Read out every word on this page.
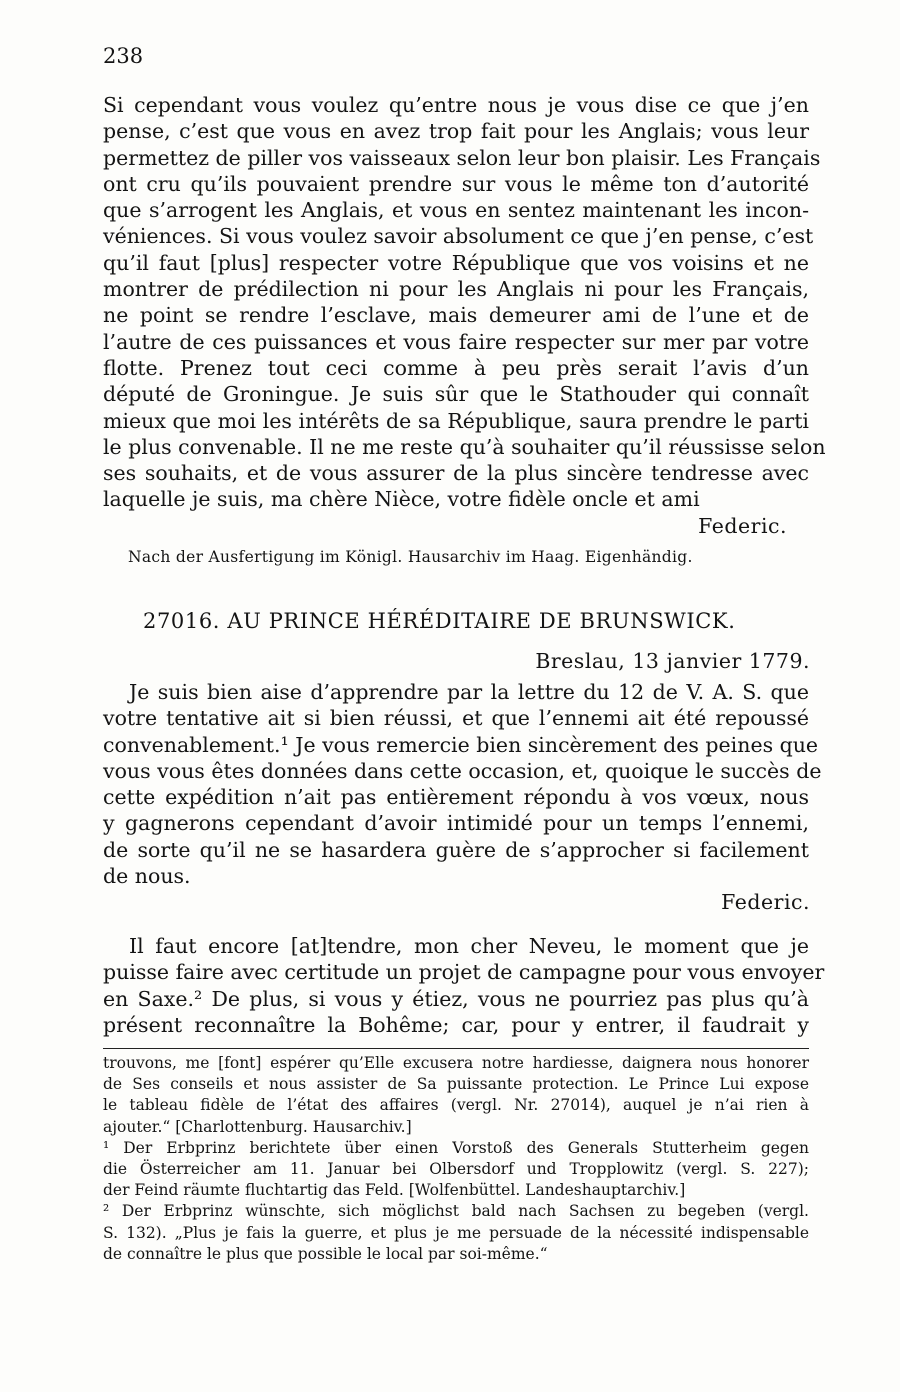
238
Si cependant vous voulez qu’entre nous je vous dise ce que j’en
pense, c’est que vous en avez trop fait pour les Anglais; vous leur
permettez de piller vos vaisseaux selon leur bon plaisir. Les Français
ont cru qu’ils pouvaient prendre sur vous le même ton d’autorité
que s’arrogent les Anglais, et vous en sentez maintenant les incon-
véniences. Si vous voulez savoir absolument ce que j’en pense, c’est
qu’il faut [plus] respecter votre République que vos voisins et ne
montrer de prédilection ni pour les Anglais ni pour les Français,
ne point se rendre l’esclave, mais demeurer ami de l’une et de
l’autre de ces puissances et vous faire respecter sur mer par votre
flotte. Prenez tout ceci comme à peu près serait l’avis d’un
député de Groningue. Je suis sûr que le Stathouder qui connaît
mieux que moi les intérêts de sa République, saura prendre le parti
le plus convenable. Il ne me reste qu’à souhaiter qu’il réussisse selon
ses souhaits, et de vous assurer de la plus sincère tendresse avec
laquelle je suis, ma chère Nièce, votre fidèle oncle et ami
Federic.
Nach der Ausfertigung im Königl. Hausarchiv im Haag. Eigenhändig.
27016. AU PRINCE HÉRÉDITAIRE DE BRUNSWICK.
Breslau, 13 janvier 1779.
Je suis bien aise d’apprendre par la lettre du 12 de V. A. S. que
votre tentative ait si bien réussi, et que l’ennemi ait été repoussé
convenablement.¹ Je vous remercie bien sincèrement des peines que
vous vous êtes données dans cette occasion, et, quoique le succès de
cette expédition n’ait pas entièrement répondu à vos vœux, nous
y gagnerons cependant d’avoir intimidé pour un temps l’ennemi,
de sorte qu’il ne se hasardera guère de s’approcher si facilement
de nous.
Federic.
Il faut encore [at]tendre, mon cher Neveu, le moment que je
puisse faire avec certitude un projet de campagne pour vous envoyer
en Saxe.² De plus, si vous y étiez, vous ne pourriez pas plus qu’à
présent reconnaître la Bohême; car, pour y entrer, il faudrait y
trouvons, me [font] espérer qu’Elle excusera notre hardiesse, daignera nous honorer
de Ses conseils et nous assister de Sa puissante protection. Le Prince Lui expose
le tableau fidèle de l’état des affaires (vergl. Nr. 27014), auquel je n’ai rien à
ajouter.“ [Charlottenburg. Hausarchiv.]
¹ Der Erbprinz berichtete über einen Vorstoß des Generals Stutterheim gegen
die Österreicher am 11. Januar bei Olbersdorf und Tropplowitz (vergl. S. 227);
der Feind räumte fluchtartig das Feld. [Wolfenbüttel. Landeshauptarchiv.]
² Der Erbprinz wünschte, sich möglichst bald nach Sachsen zu begeben (vergl.
S. 132). „Plus je fais la guerre, et plus je me persuade de la nécessité indispensable
de connaître le plus que possible le local par soi-même.“
